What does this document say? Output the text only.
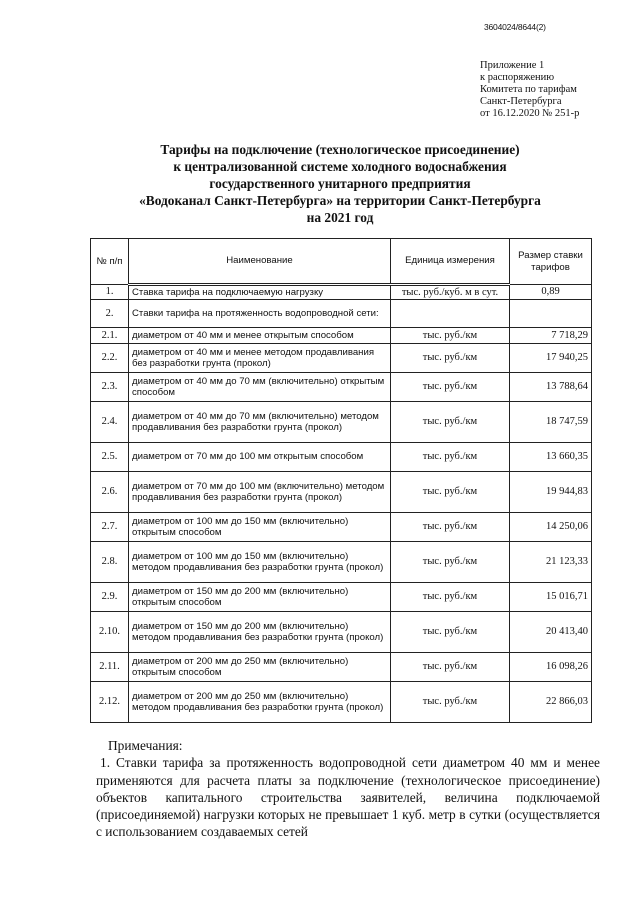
3604024/8644(2)
Приложение 1
к распоряжению
Комитета по тарифам
Санкт-Петербурга
от 16.12.2020 № 251-р
Тарифы на подключение (технологическое присоединение)
к централизованной системе холодного водоснабжения
государственного унитарного предприятия
«Водоканал Санкт-Петербурга» на территории Санкт-Петербурга
на 2021 год
№ п/п	Наименование	Единица измерения	Размер ставки тарифов
1.	Ставка тарифа на подключаемую нагрузку	тыс. руб./куб. м в сут.	0,89
2.	Ставки тарифа на протяженность водопроводной сети:		
2.1.	диаметром от 40 мм и менее открытым способом	тыс. руб./км	7 718,29
2.2.	диаметром от 40 мм и менее методом продавливания без разработки грунта (прокол)	тыс. руб./км	17 940,25
2.3.	диаметром от 40 мм до 70 мм (включительно) открытым способом	тыс. руб./км	13 788,64
2.4.	диаметром от 40 мм до 70 мм (включительно) методом продавливания без разработки грунта (прокол)	тыс. руб./км	18 747,59
2.5.	диаметром от 70 мм до 100 мм открытым способом	тыс. руб./км	13 660,35
2.6.	диаметром от 70 мм до 100 мм (включительно) методом продавливания без разработки грунта (прокол)	тыс. руб./км	19 944,83
2.7.	диаметром от 100 мм до 150 мм (включительно) открытым способом	тыс. руб./км	14 250,06
2.8.	диаметром от 100 мм до 150 мм (включительно) методом продавливания без разработки грунта (прокол)	тыс. руб./км	21 123,33
2.9.	диаметром от 150 мм до 200 мм (включительно) открытым способом	тыс. руб./км	15 016,71
2.10.	диаметром от 150 мм до 200 мм (включительно) методом продавливания без разработки грунта (прокол)	тыс. руб./км	20 413,40
2.11.	диаметром от 200 мм до 250 мм (включительно) открытым способом	тыс. руб./км	16 098,26
2.12.	диаметром от 200 мм до 250 мм (включительно) методом продавливания без разработки грунта (прокол)	тыс. руб./км	22 866,03
Примечания:
1. Ставки тарифа за протяженность водопроводной сети диаметром 40 мм и менее применяются для расчета платы за подключение (технологическое присоединение) объектов капитального строительства заявителей, величина подключаемой (присоединяемой) нагрузки которых не превышает 1 куб. метр в сутки (осуществляется с использованием создаваемых сетей
